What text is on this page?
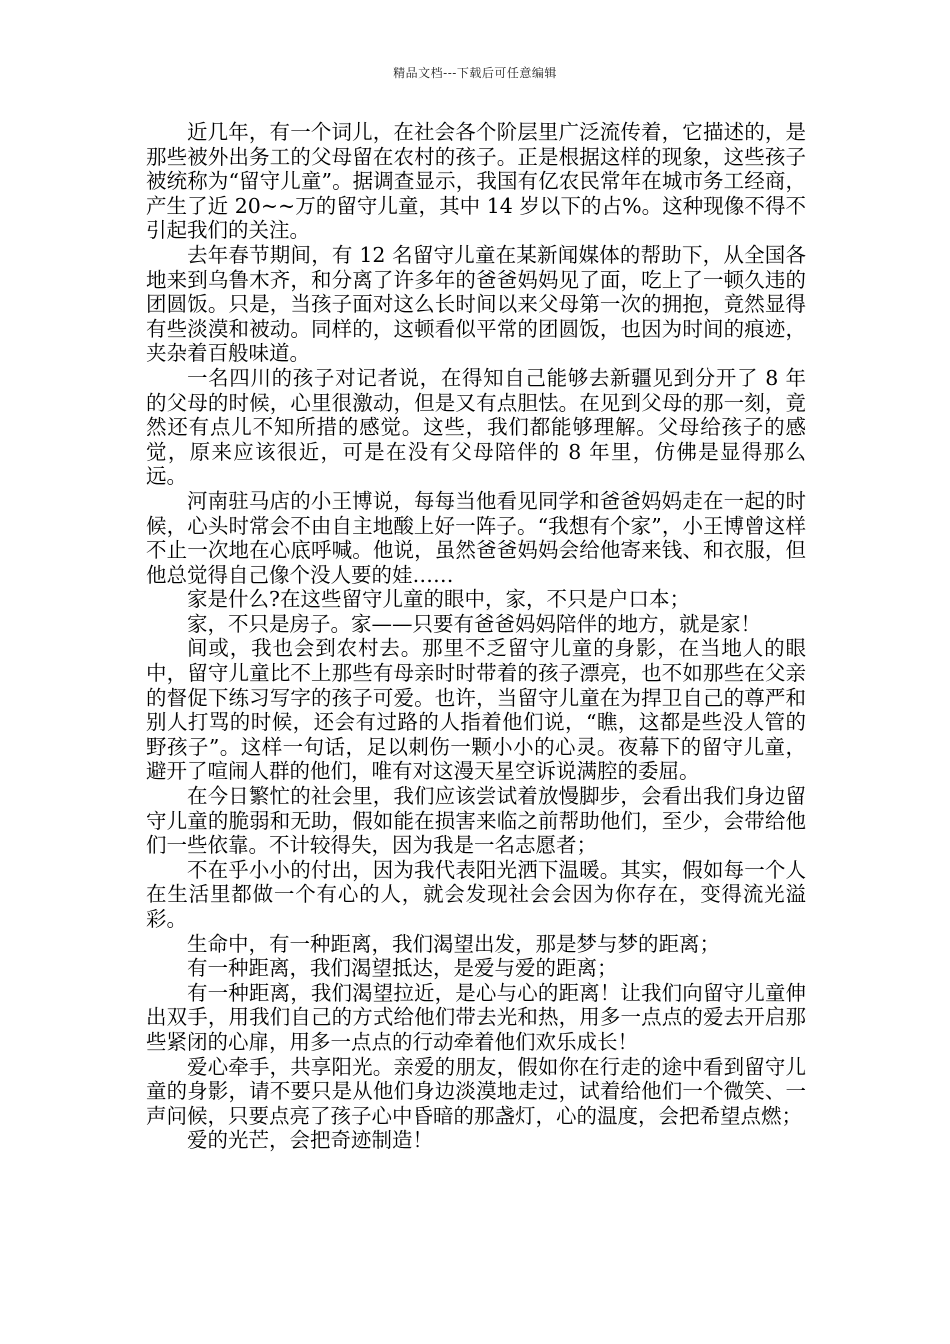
精品文档---下载后可任意编辑

近几年，有一个词儿，在社会各个阶层里广泛流传着，它描述的，是那些被外出务工的父母留在农村的孩子。正是根据这样的现象，这些孩子被统称为“留守儿童”。据调查显示，我国有亿农民常年在城市务工经商，产生了近 20~~万的留守儿童，其中 14 岁以下的占%。这种现像不得不引起我们的关注。

去年春节期间，有 12 名留守儿童在某新闻媒体的帮助下，从全国各地来到乌鲁木齐，和分离了许多年的爸爸妈妈见了面，吃上了一顿久违的团圆饭。只是，当孩子面对这么长时间以来父母第一次的拥抱，竟然显得有些淡漠和被动。同样的，这顿看似平常的团圆饭，也因为时间的痕迹，夹杂着百般味道。

一名四川的孩子对记者说，在得知自己能够去新疆见到分开了 8 年的父母的时候，心里很激动，但是又有点胆怯。在见到父母的那一刻，竟然还有点儿不知所措的感觉。这些，我们都能够理解。父母给孩子的感觉，原来应该很近，可是在没有父母陪伴的 8 年里，仿佛是显得那么远。

河南驻马店的小王博说，每每当他看见同学和爸爸妈妈走在一起的时候，心头时常会不由自主地酸上好一阵子。“我想有个家”，小王博曾这样不止一次地在心底呼喊。他说，虽然爸爸妈妈会给他寄来钱、和衣服，但他总觉得自己像个没人要的娃……

家是什么?在这些留守儿童的眼中，家，不只是户口本；

家，不只是房子。家——只要有爸爸妈妈陪伴的地方，就是家！

间或，我也会到农村去。那里不乏留守儿童的身影，在当地人的眼中，留守儿童比不上那些有母亲时时带着的孩子漂亮，也不如那些在父亲的督促下练习写字的孩子可爱。也许，当留守儿童在为捍卫自己的尊严和别人打骂的时候，还会有过路的人指着他们说，“瞧，这都是些没人管的野孩子”。这样一句话，足以刺伤一颗小小的心灵。夜幕下的留守儿童，避开了喧闹人群的他们，唯有对这漫天星空诉说满腔的委屈。

在今日繁忙的社会里，我们应该尝试着放慢脚步，会看出我们身边留守儿童的脆弱和无助，假如能在损害来临之前帮助他们，至少，会带给他们一些依靠。不计较得失，因为我是一名志愿者；

不在乎小小的付出，因为我代表阳光洒下温暖。其实，假如每一个人在生活里都做一个有心的人，就会发现社会会因为你存在，变得流光溢彩。

生命中，有一种距离，我们渴望出发，那是梦与梦的距离；

有一种距离，我们渴望抵达，是爱与爱的距离；

有一种距离，我们渴望拉近，是心与心的距离！让我们向留守儿童伸出双手，用我们自己的方式给他们带去光和热，用多一点点的爱去开启那些紧闭的心扉，用多一点点的行动牵着他们欢乐成长！

爱心牵手，共享阳光。亲爱的朋友，假如你在行走的途中看到留守儿童的身影，请不要只是从他们身边淡漠地走过，试着给他们一个微笑、一声问候，只要点亮了孩子心中昏暗的那盏灯，心的温度，会把希望点燃；

爱的光芒，会把奇迹制造！
